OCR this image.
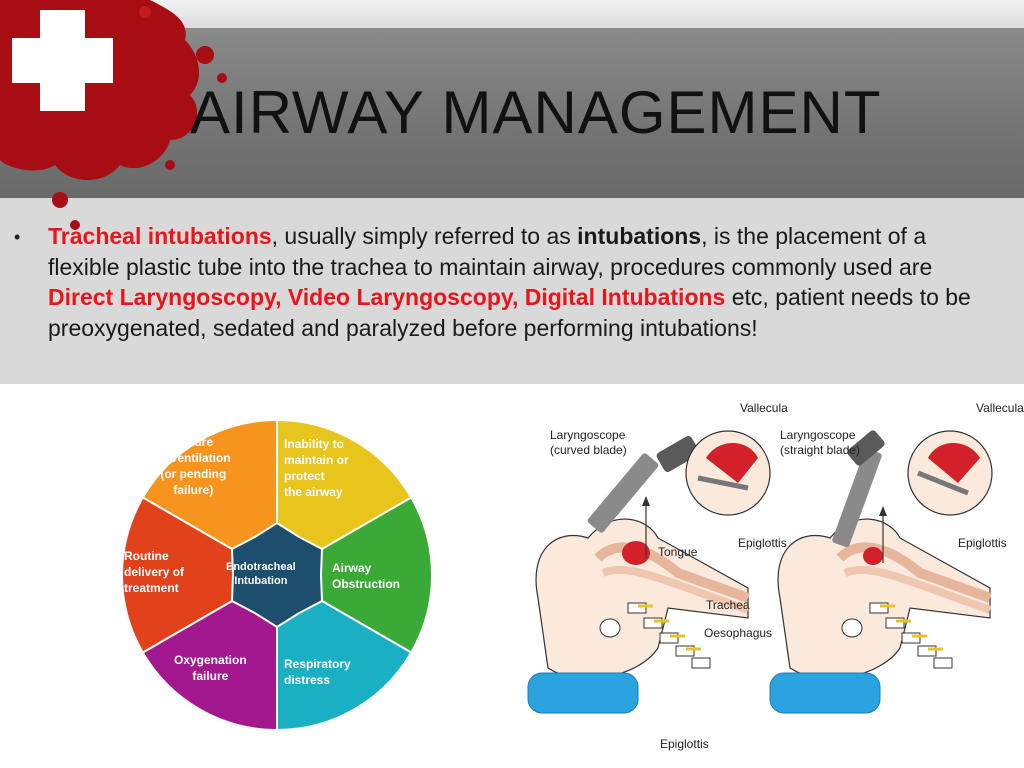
AIRWAY MANAGEMENT
• Tracheal intubations, usually simply referred to as intubations, is the placement of a flexible plastic tube into the trachea to maintain airway, procedures commonly used are Direct Laryngoscopy, Video Laryngoscopy, Digital Intubations etc, patient needs to be preoxygenated, sedated and paralyzed before performing intubations!
Failure
of ventilation
(or pending
failure)
Inability to
maintain or
protect
the airway
Airway
Obstruction
Respiratory
distress
Oxygenation
failure
Routine
delivery of
treatment
Endotracheal
Intubation
Vallecula
Laryngoscope
(curved blade)
Epiglottis
Tongue
Trachea
Oesophagus
Epiglottis
Vallecula
Laryngoscope
(straight blade)
Epiglottis
